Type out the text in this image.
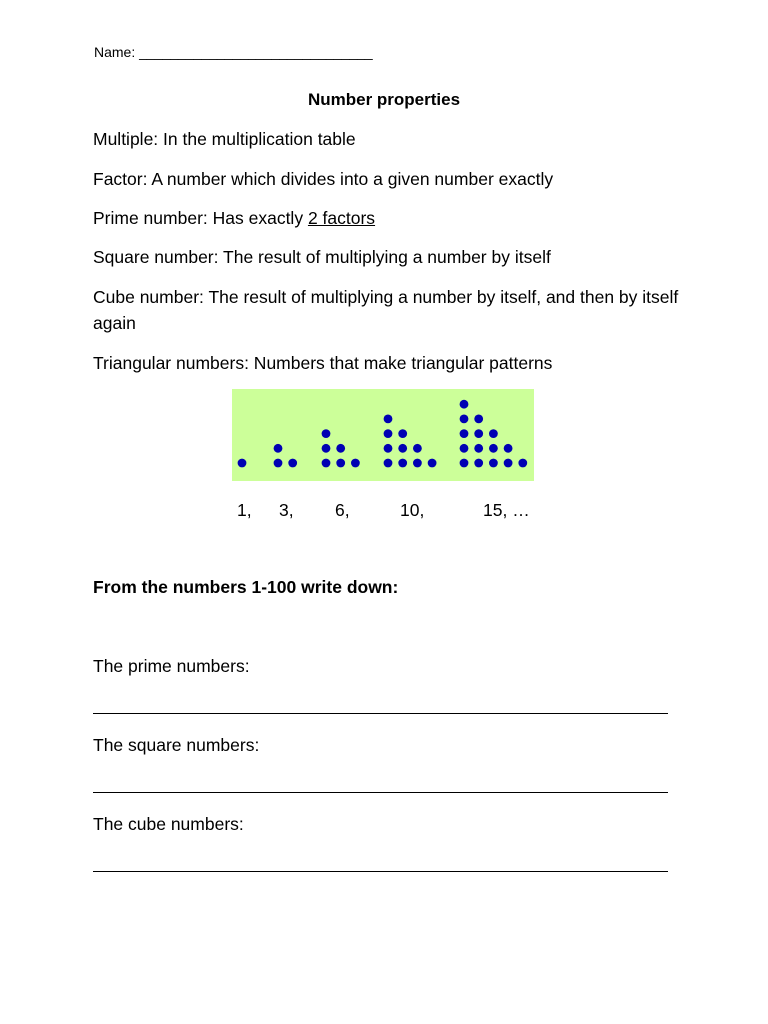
Name: ______________________________
Number properties
Multiple: In the multiplication table
Factor: A number which divides into a given number exactly
Prime number: Has exactly 2 factors
Square number: The result of multiplying a number by itself
Cube number: The result of multiplying a number by itself, and then by itself again
Triangular numbers: Numbers that make triangular patterns
1, 3, 6,	10,	15, …
From the numbers 1-100 write down:
The prime numbers:
The square numbers:
The cube numbers:
